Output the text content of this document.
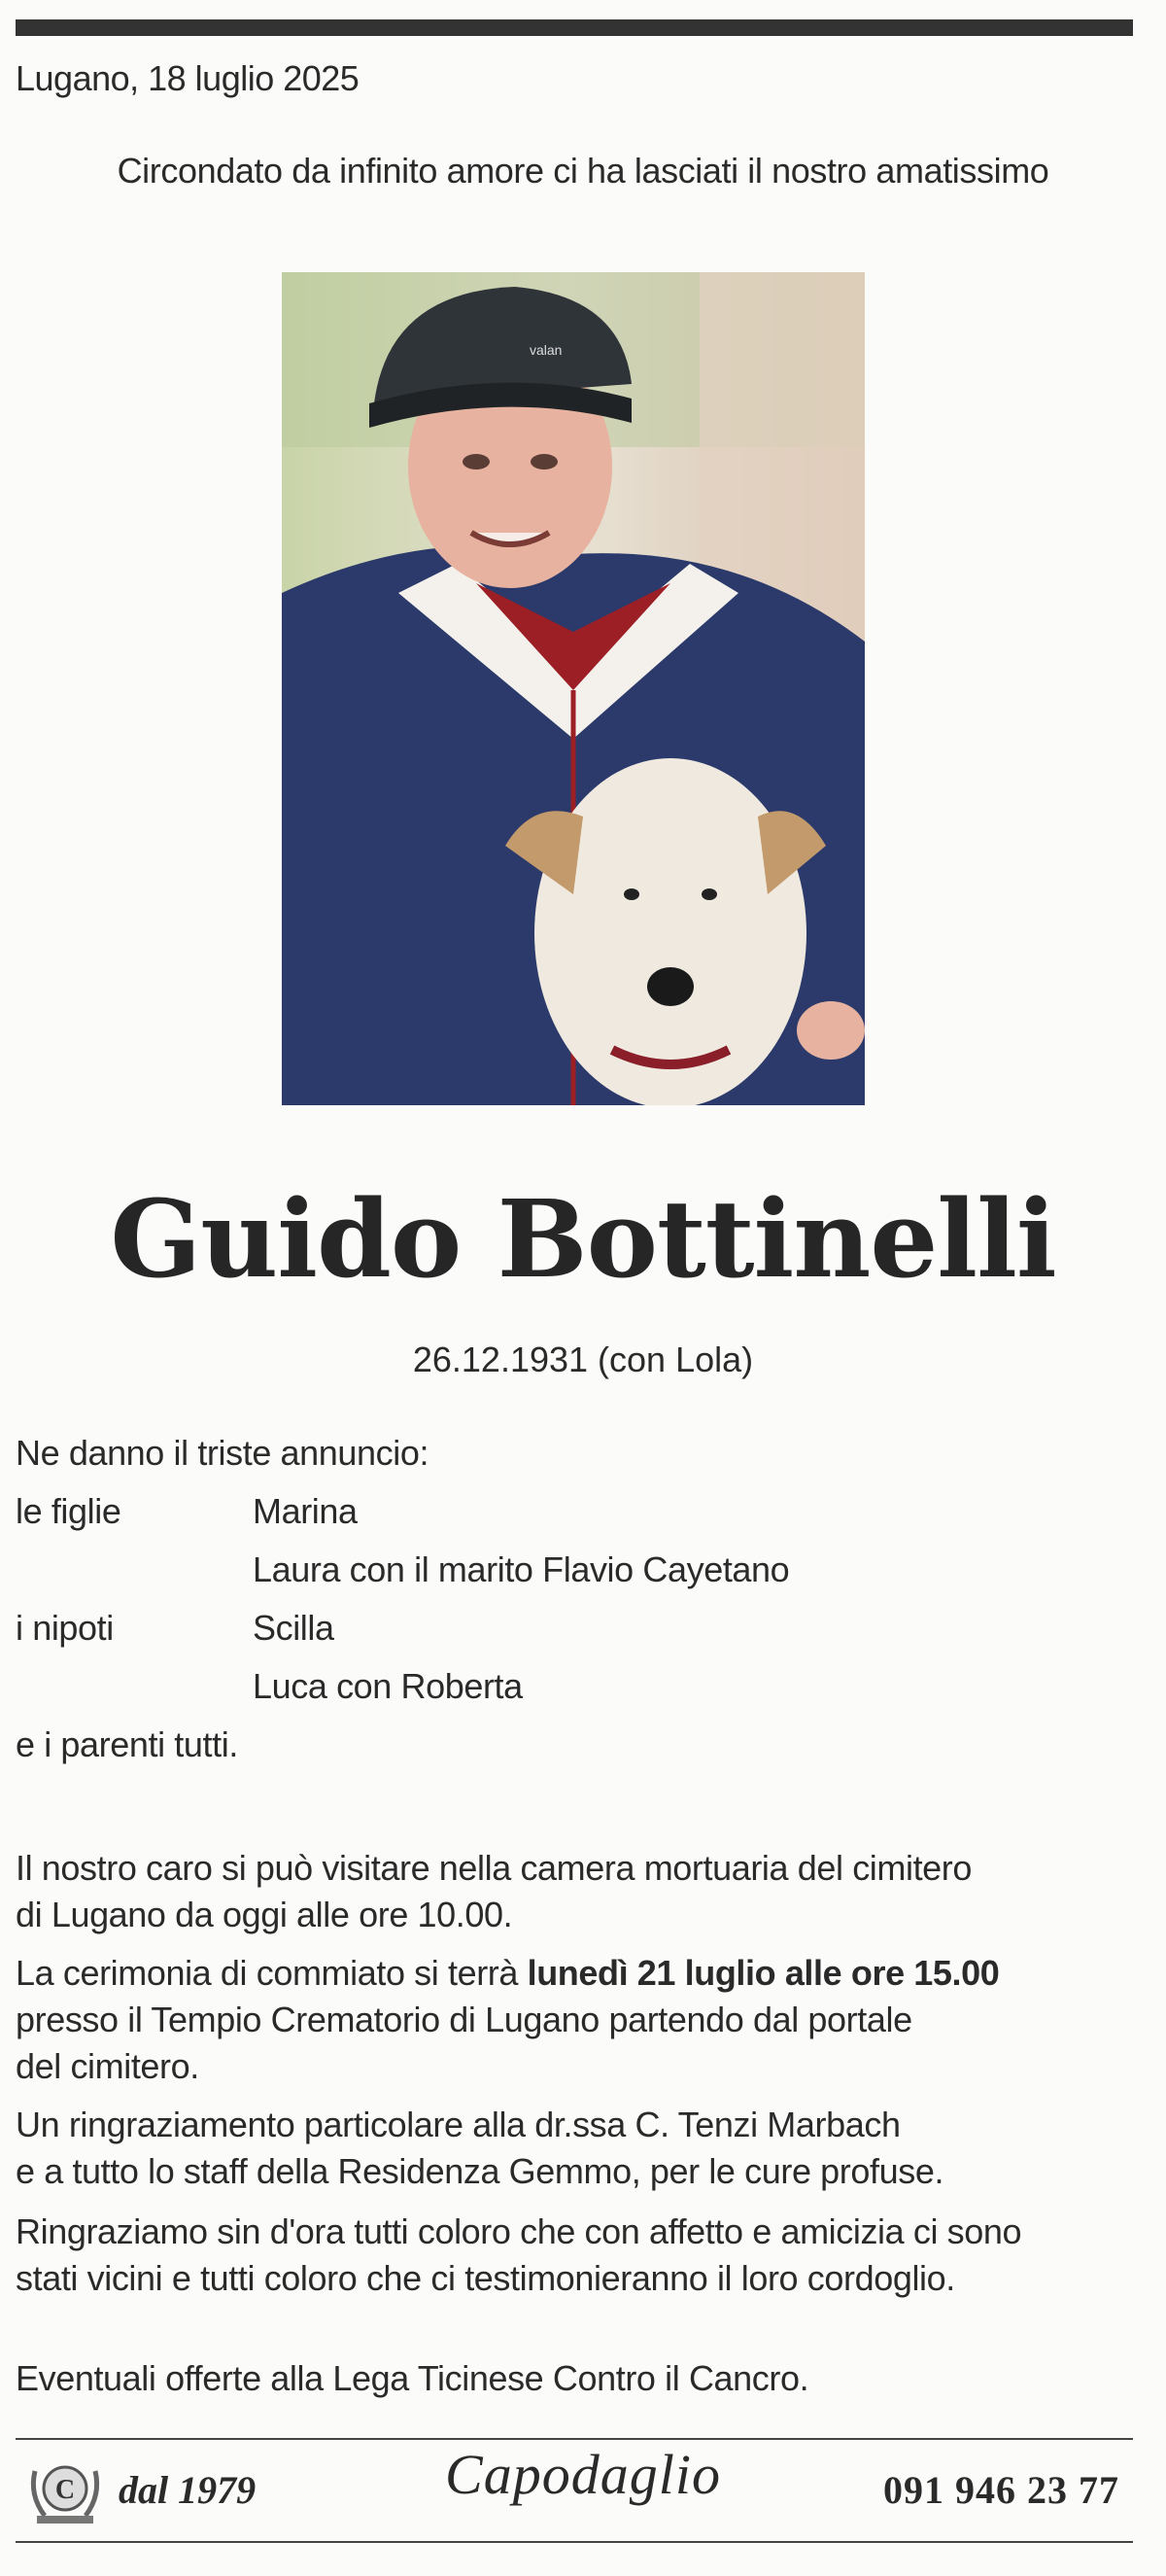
Lugano, 18 luglio 2025
Circondato da infinito amore ci ha lasciati il nostro amatissimo
valan
Guido Bottinelli
26.12.1931 (con Lola)
Ne danno il triste annuncio:
le figlie	Marina
Laura con il marito Flavio Cayetano
i nipoti	Scilla
Luca con Roberta
e i parenti tutti.
Il nostro caro si può visitare nella camera mortuaria del cimitero
di Lugano da oggi alle ore 10.00.
La cerimonia di commiato si terrà lunedì 21 luglio alle ore 15.00
presso il Tempio Crematorio di Lugano partendo dal portale
del cimitero.
Un ringraziamento particolare alla dr.ssa C. Tenzi Marbach
e a tutto lo staff della Residenza Gemmo, per le cure profuse.
Ringraziamo sin d'ora tutti coloro che con affetto e amicizia ci sono
stati vicini e tutti coloro che ci testimonieranno il loro cordoglio.
Eventuali offerte alla Lega Ticinese Contro il Cancro.
C dal 1979	Capodaglio	091 946 23 77
